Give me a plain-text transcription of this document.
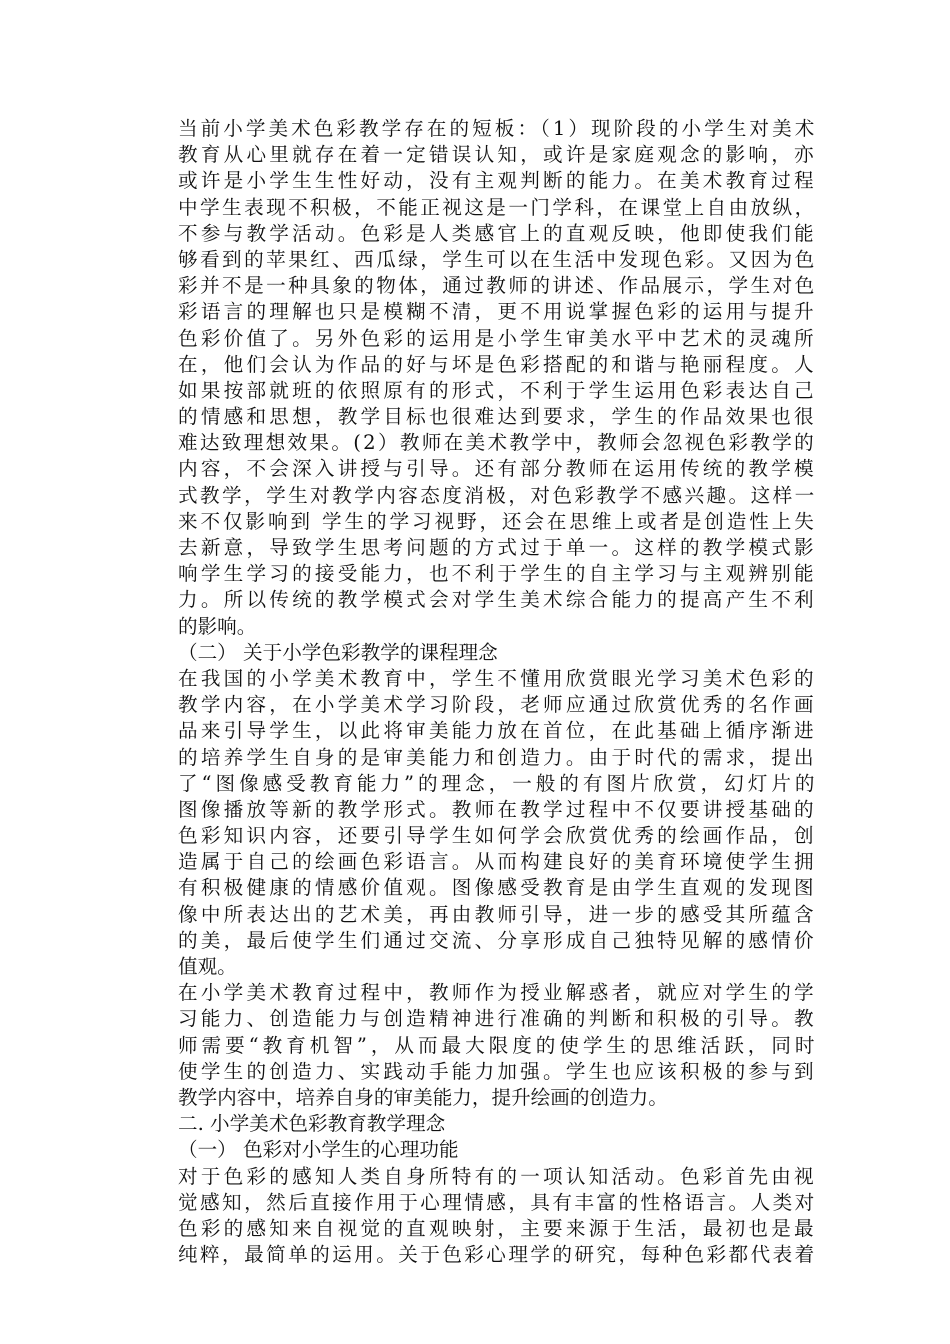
当前小学美术色彩教学存在的短板：（1）现阶段的小学生对美术
教育从心里就存在着一定错误认知，或许是家庭观念的影响，亦
或许是小学生生性好动，没有主观判断的能力。在美术教育过程
中学生表现不积极，不能正视这是一门学科，在课堂上自由放纵，
不参与教学活动。色彩是人类感官上的直观反映，他即使我们能
够看到的苹果红、西瓜绿，学生可以在生活中发现色彩。又因为色
彩并不是一种具象的物体，通过教师的讲述、作品展示，学生对色
彩语言的理解也只是模糊不清，更不用说掌握色彩的运用与提升
色彩价值了。另外色彩的运用是小学生审美水平中艺术的灵魂所
在，他们会认为作品的好与坏是色彩搭配的和谐与艳丽程度。人
如果按部就班的依照原有的形式，不利于学生运用色彩表达自己
的情感和思想，教学目标也很难达到要求，学生的作品效果也很
难达致理想效果。(2）教师在美术教学中，教师会忽视色彩教学的
内容，不会深入讲授与引导。还有部分教师在运用传统的教学模
式教学，学生对教学内容态度消极，对色彩教学不感兴趣。这样一
来不仅影响到 学生的学习视野，还会在思维上或者是创造性上失
去新意，导致学生思考问题的方式过于单一。这样的教学模式影
响学生学习的接受能力，也不利于学生的自主学习与主观辨别能
力。所以传统的教学模式会对学生美术综合能力的提高产生不利
的影响。
（二） 关于小学色彩教学的课程理念
在我国的小学美术教育中，学生不懂用欣赏眼光学习美术色彩的
教学内容，在小学美术学习阶段，老师应通过欣赏优秀的名作画
品来引导学生，以此将审美能力放在首位，在此基础上循序渐进
的培养学生自身的是审美能力和创造力。由于时代的需求，提出
了“图像感受教育能力”的理念，一般的有图片欣赏，幻灯片的
图像播放等新的教学形式。教师在教学过程中不仅要讲授基础的
色彩知识内容，还要引导学生如何学会欣赏优秀的绘画作品，创
造属于自己的绘画色彩语言。从而构建良好的美育环境使学生拥
有积极健康的情感价值观。图像感受教育是由学生直观的发现图
像中所表达出的艺术美，再由教师引导，进一步的感受其所蕴含
的美，最后使学生们通过交流、分享形成自己独特见解的感情价
值观。
在小学美术教育过程中，教师作为授业解惑者，就应对学生的学
习能力、创造能力与创造精神进行准确的判断和积极的引导。教
师需要“教育机智”，从而最大限度的使学生的思维活跃，同时
使学生的创造力、实践动手能力加强。学生也应该积极的参与到
教学内容中，培养自身的审美能力，提升绘画的创造力。
二. 小学美术色彩教育教学理念
（一） 色彩对小学生的心理功能
对于色彩的感知人类自身所特有的一项认知活动。色彩首先由视
觉感知，然后直接作用于心理情感，具有丰富的性格语言。人类对
色彩的感知来自视觉的直观映射，主要来源于生活，最初也是最
纯粹，最简单的运用。关于色彩心理学的研究，每种色彩都代表着
